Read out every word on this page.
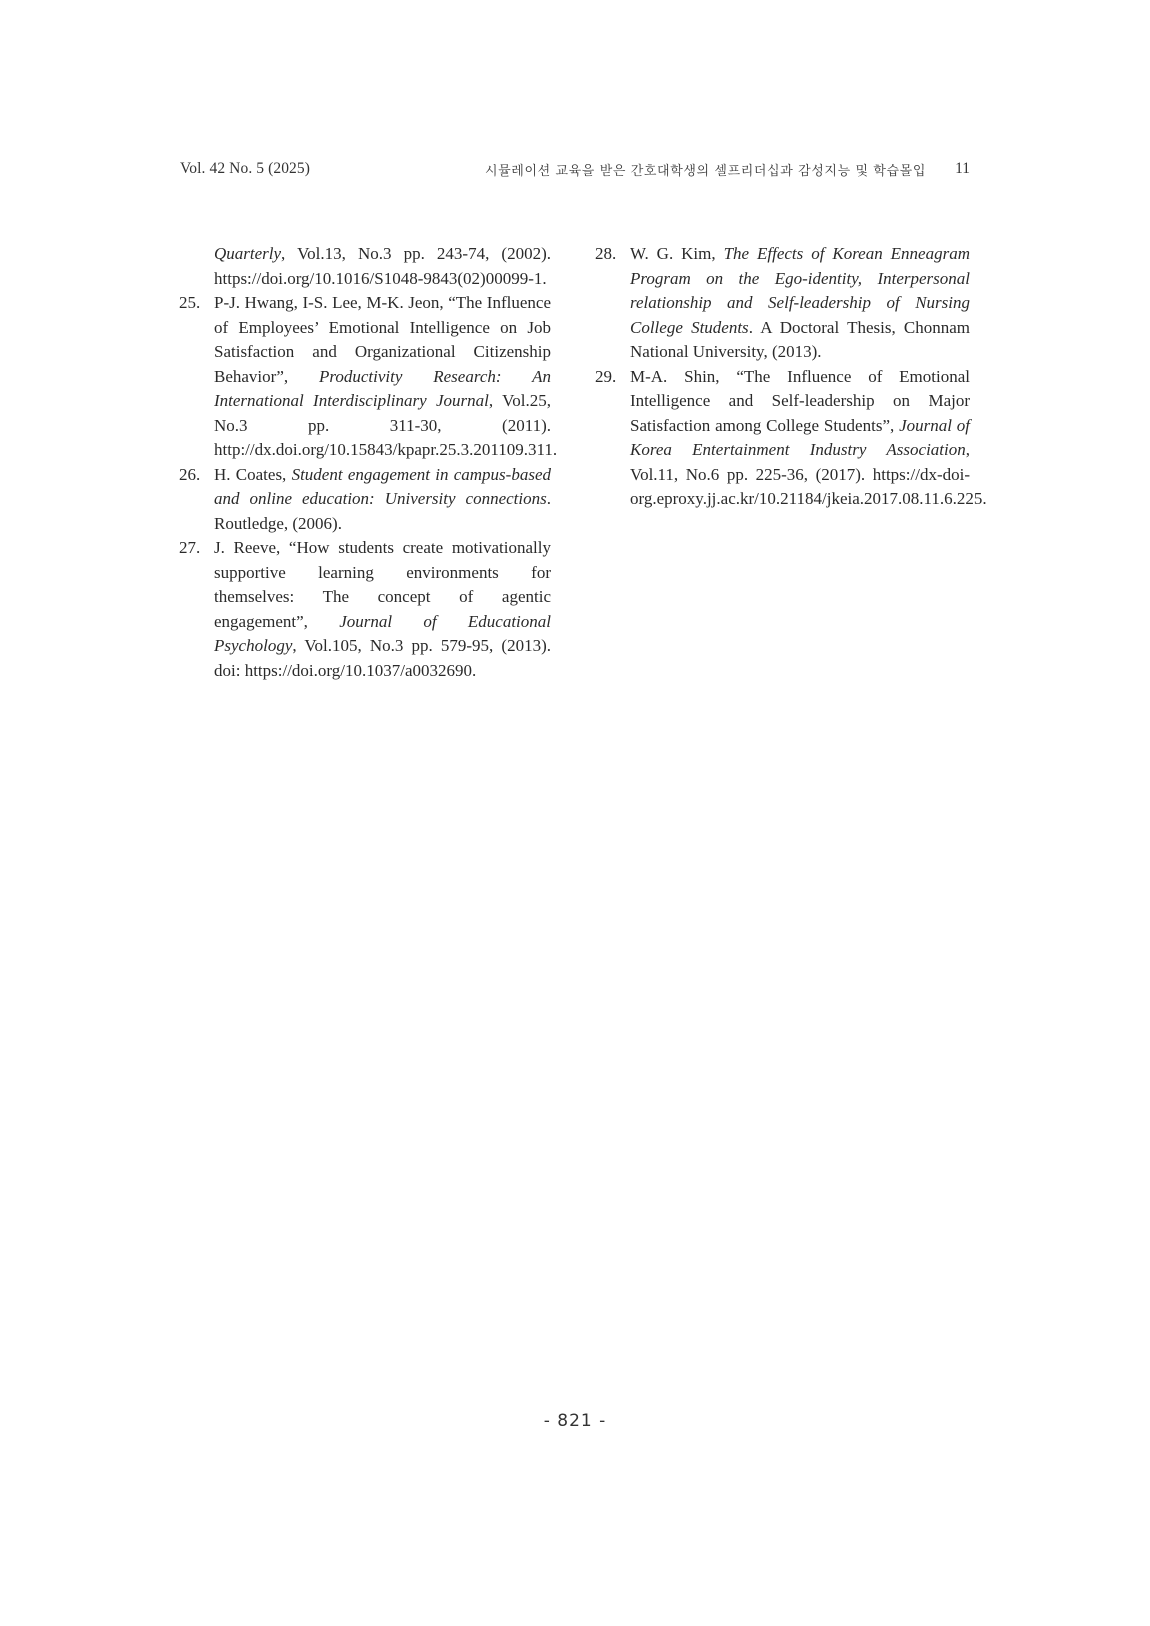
Vol. 42 No. 5 (2025)	시뮬레이션 교육을 받은 간호대학생의 셀프리더십과 감성지능 및 학습몰입 11
Quarterly, Vol.13, No.3 pp. 243-74, (2002). https://doi.org/10.1016/S1048-9843(02)00099-1.
25. P-J. Hwang, I-S. Lee, M-K. Jeon, “The Influence of Employees’ Emotional Intelligence on Job Satisfaction and Organizational Citizenship Behavior”, Productivity Research: An International Interdisciplinary Journal, Vol.25, No.3 pp. 311-30, (2011). http://dx.doi.org/10.15843/kpapr.25.3.201109.311.
26. H. Coates, Student engagement in campus-based and online education: University connections. Routledge, (2006).
27. J. Reeve, “How students create motivationally supportive learning environments for themselves: The concept of agentic engagement”, Journal of Educational Psychology, Vol.105, No.3 pp. 579-95, (2013). doi: https://doi.org/10.1037/a0032690.
28. W. G. Kim, The Effects of Korean Enneagram Program on the Ego-identity, Interpersonal relationship and Self-leadership of Nursing College Students. A Doctoral Thesis, Chonnam National University, (2013).
29. M-A. Shin, “The Influence of Emotional Intelligence and Self-leadership on Major Satisfaction among College Students”, Journal of Korea Entertainment Industry Association, Vol.11, No.6 pp. 225-36, (2017). https://dx-doi-org.eproxy.jj.ac.kr/10.21184/jkeia.2017.08.11.6.225.
- 821 -
